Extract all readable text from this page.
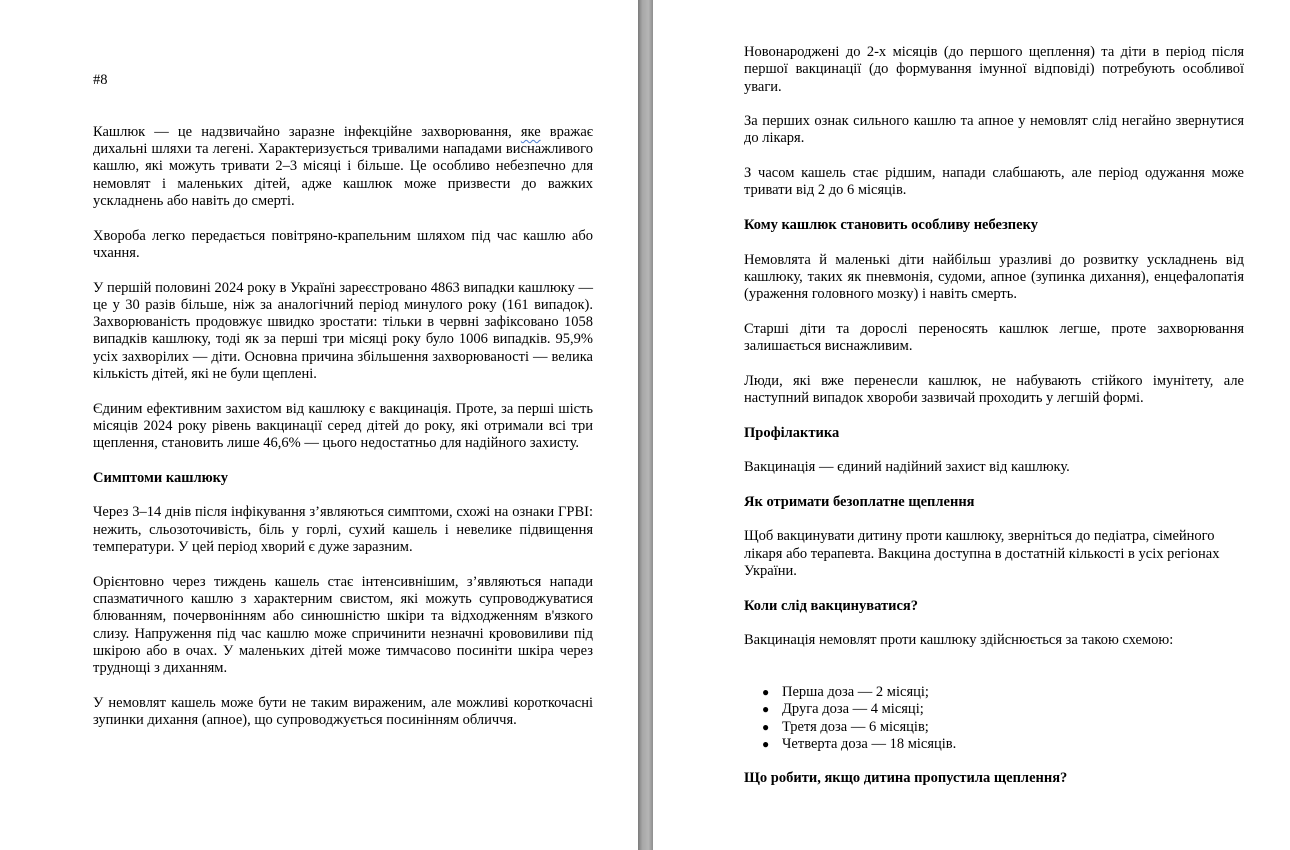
#8

Кашлюк — це надзвичайно заразне інфекційне захворювання, яке вражає дихальні шляхи та легені. Характеризується тривалими нападами виснажливого кашлю, які можуть тривати 2–3 місяці і більше. Це особливо небезпечно для немовлят і маленьких дітей, адже кашлюк може призвести до важких ускладнень або навіть до смерті.

Хвороба легко передається повітряно-крапельним шляхом під час кашлю або чхання.

У першій половині 2024 року в Україні зареєстровано 4863 випадки кашлюку — це у 30 разів більше, ніж за аналогічний період минулого року (161 випадок). Захворюваність продовжує швидко зростати: тільки в червні зафіксовано 1058 випадків кашлюку, тоді як за перші три місяці року було 1006 випадків. 95,9% усіх захворілих — діти. Основна причина збільшення захворюваності — велика кількість дітей, які не були щеплені.

Єдиним ефективним захистом від кашлюку є вакцинація. Проте, за перші шість місяців 2024 року рівень вакцинації серед дітей до року, які отримали всі три щеплення, становить лише 46,6% — цього недостатньо для надійного захисту.

Симптоми кашлюку

Через 3–14 днів після інфікування з’являються симптоми, схожі на ознаки ГРВІ: нежить, сльозоточивість, біль у горлі, сухий кашель і невелике підвищення температури. У цей період хворий є дуже заразним.

Орієнтовно через тиждень кашель стає інтенсивнішим, з’являються напади спазматичного кашлю з характерним свистом, які можуть супроводжуватися блюванням, почервонінням або синюшністю шкіри та відходженням в'язкого слизу. Напруження під час кашлю може спричинити незначні крововиливи під шкірою або в очах. У маленьких дітей може тимчасово посиніти шкіра через труднощі з диханням.

У немовлят кашель може бути не таким вираженим, але можливі короткочасні зупинки дихання (апное), що супроводжується посинінням обличчя.

Новонароджені до 2-х місяців (до першого щеплення) та діти в період після першої вакцинації (до формування імунної відповіді) потребують особливої уваги.

За перших ознак сильного кашлю та апное у немовлят слід негайно звернутися до лікаря.

З часом кашель стає рідшим, напади слабшають, але період одужання може тривати від 2 до 6 місяців.

Кому кашлюк становить особливу небезпеку

Немовлята й маленькі діти найбільш уразливі до розвитку ускладнень від кашлюку, таких як пневмонія, судоми, апное (зупинка дихання), енцефалопатія (ураження головного мозку) і навіть смерть.

Старші діти та дорослі переносять кашлюк легше, проте захворювання залишається виснажливим.

Люди, які вже перенесли кашлюк, не набувають стійкого імунітету, але наступний випадок хвороби зазвичай проходить у легшій формі.

Профілактика

Вакцинація — єдиний надійний захист від кашлюку.

Як отримати безоплатне щеплення

Щоб вакцинувати дитину проти кашлюку, зверніться до педіатра, сімейного лікаря або терапевта. Вакцина доступна в достатній кількості в усіх регіонах України.

Коли слід вакцинуватися?

Вакцинація немовлят проти кашлюку здійснюється за такою схемою:

● Перша доза — 2 місяці;
● Друга доза — 4 місяці;
● Третя доза — 6 місяців;
● Четверта доза — 18 місяців.
Що робити, якщо дитина пропустила щеплення?
